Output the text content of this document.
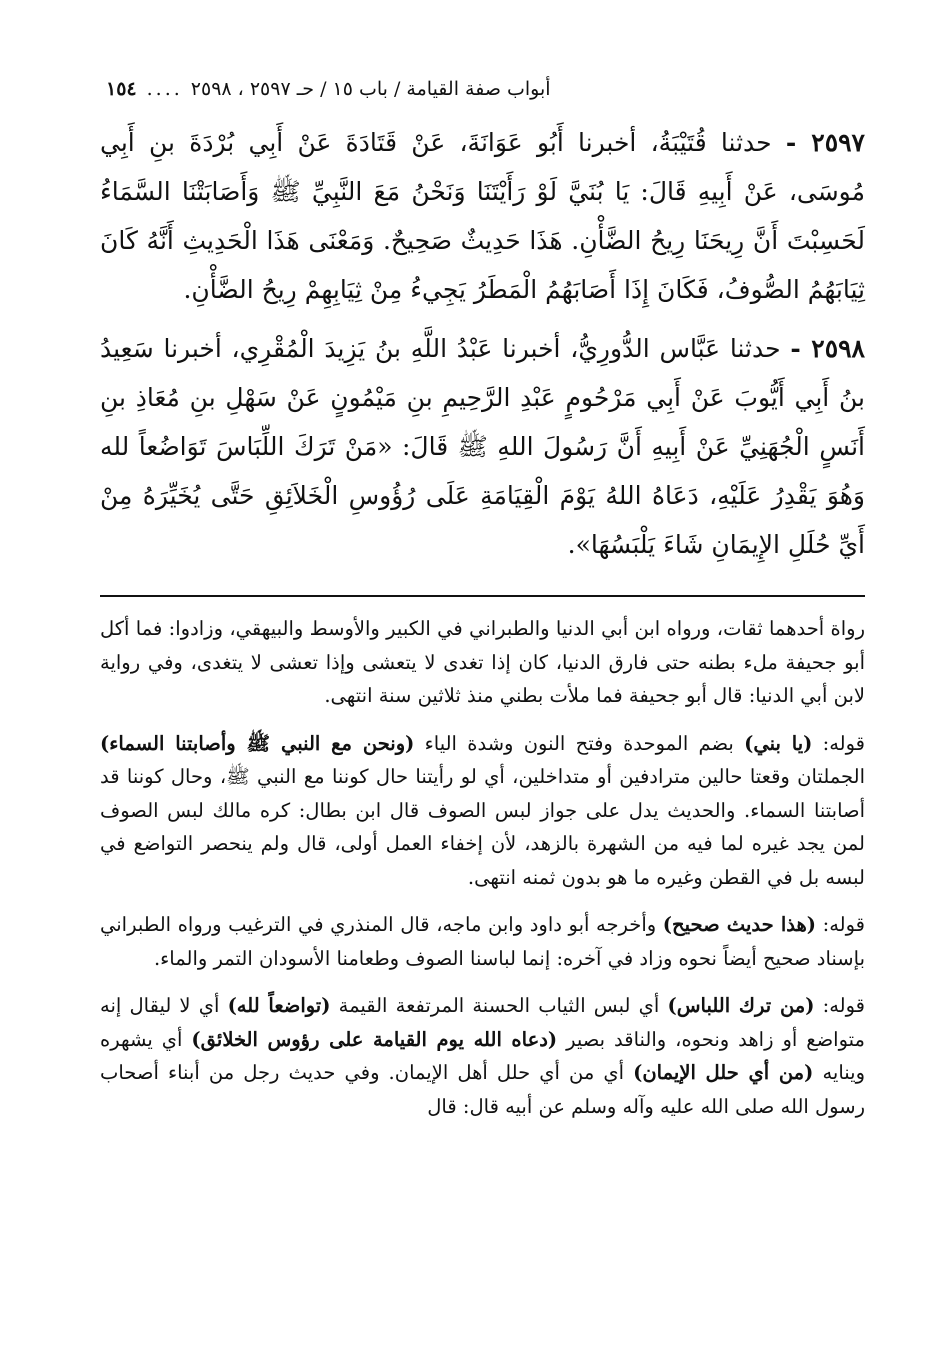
١٥٤ .... أبواب صفة القيامة / باب ١٥ / حـ ٢٥٩٧ ، ٢٥٩٨

٢٥٩٧ - حدثنا قُتَيْبَةُ، أخبرنا أَبُو عَوَانَةَ، عَنْ قَتَادَةَ عَنْ أَبِي بُرْدَةَ بنِ أَبِي مُوسَى، عَنْ أَبِيهِ قَالَ: يَا بُنَيَّ لَوْ رَأَيْتَنَا وَنَحْنُ مَعَ النَّبِيِّ ﷺ وَأَصَابَتْنَا السَّمَاءُ لَحَسِبْتَ أَنَّ رِيحَنَا رِيحُ الضَّأْنِ. هَذَا حَدِيثٌ صَحِيحٌ. وَمَعْنَى هَذَا الْحَدِيثِ أَنَّهُ كَانَ ثِيَابَهُمُ الصُّوفُ، فَكَانَ إِذَا أَصَابَهُمُ الْمَطَرُ يَجِيءُ مِنْ ثِيَابِهِمْ رِيحُ الضَّأْنِ.

٢٥٩٨ - حدثنا عَبَّاس الدُّورِيُّ، أخبرنا عَبْدُ اللَّهِ بنُ يَزِيدَ الْمُقْرِي، أخبرنا سَعِيدُ بنُ أَبِي أَيُّوبَ عَنْ أَبِي مَرْحُومٍ عَبْدِ الرَّحِيمِ بنِ مَيْمُونٍ عَنْ سَهْلِ بنِ مُعَاذِ بنِ أَنَسٍ الْجُهَنِيِّ عَنْ أَبِيهِ أَنَّ رَسُولَ اللهِ ﷺ قَالَ: «مَنْ تَرَكَ اللِّبَاسَ تَوَاضُعاً لله وَهُوَ يَقْدِرُ عَلَيْهِ، دَعَاهُ اللهُ يَوْمَ الْقِيَامَةِ عَلَى رُؤُوسِ الْخَلاَئِقِ حَتَّى يُخَيِّرَهُ مِنْ أَيِّ حُلَلِ الإِيمَانِ شَاءَ يَلْبَسُهَا».

رواة أحدهما ثقات، ورواه ابن أبي الدنيا والطبراني في الكبير والأوسط والبيهقي، وزادوا: فما أكل أبو جحيفة ملء بطنه حتى فارق الدنيا، كان إذا تغدى لا يتعشى وإذا تعشى لا يتغدى، وفي رواية لابن أبي الدنيا: قال أبو جحيفة فما ملأت بطني منذ ثلاثين سنة انتهى.

قوله: (يا بني) بضم الموحدة وفتح النون وشدة الياء (ونحن مع النبي ﷺ وأصابتنا السماء) الجملتان وقعتا حالين مترادفين أو متداخلين، أي لو رأيتنا حال كوننا مع النبي ﷺ، وحال كوننا قد أصابتنا السماء. والحديث يدل على جواز لبس الصوف قال ابن بطال: كره مالك لبس الصوف لمن يجد غيره لما فيه من الشهرة بالزهد، لأن إخفاء العمل أولى، قال ولم ينحصر التواضع في لبسه بل في القطن وغيره ما هو بدون ثمنه انتهى.

قوله: (هذا حديث صحيح) وأخرجه أبو داود وابن ماجه، قال المنذري في الترغيب ورواه الطبراني بإسناد صحيح أيضاً نحوه وزاد في آخره: إنما لباسنا الصوف وطعامنا الأسودان التمر والماء.

قوله: (من ترك اللباس) أي لبس الثياب الحسنة المرتفعة القيمة (تواضعاً لله) أي لا ليقال إنه متواضع أو زاهد ونحوه، والناقد بصير (دعاه الله يوم القيامة على رؤوس الخلائق) أي يشهره وينايه (من أي حلل الإيمان) أي من أي حلل أهل الإيمان. وفي حديث رجل من أبناء أصحاب رسول الله صلى الله عليه وآله وسلم عن أبيه قال: قال
